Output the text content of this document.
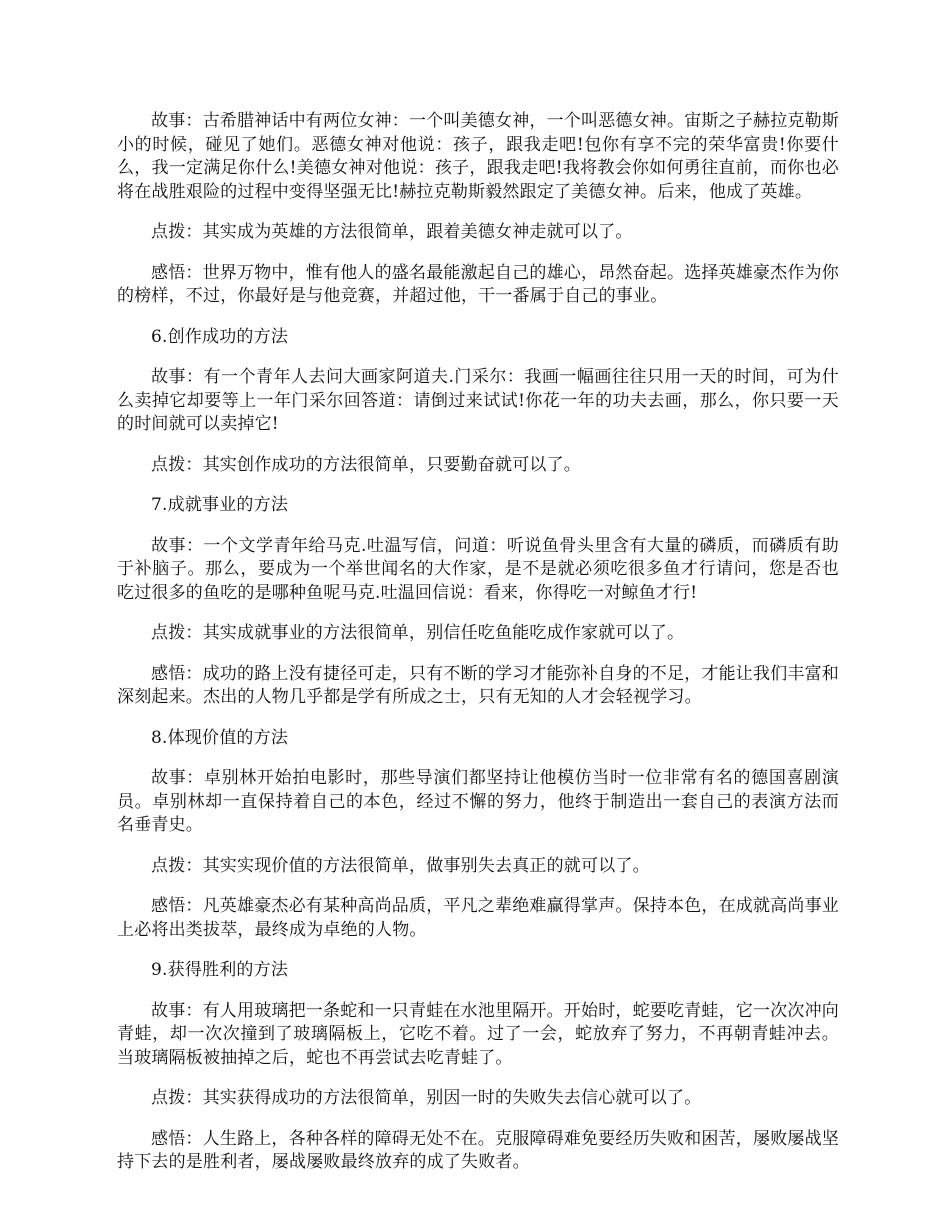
故事：古希腊神话中有两位女神：一个叫美德女神，一个叫恶德女神。宙斯之子赫拉克勒斯小的时候，碰见了她们。恶德女神对他说：孩子，跟我走吧!包你有享不完的荣华富贵!你要什么，我一定满足你什么!美德女神对他说：孩子，跟我走吧!我将教会你如何勇往直前，而你也必将在战胜艰险的过程中变得坚强无比!赫拉克勒斯毅然跟定了美德女神。后来，他成了英雄。

点拨：其实成为英雄的方法很简单，跟着美德女神走就可以了。

感悟：世界万物中，惟有他人的盛名最能激起自己的雄心，昂然奋起。选择英雄豪杰作为你的榜样，不过，你最好是与他竞赛，并超过他，干一番属于自己的事业。

6.创作成功的方法

故事：有一个青年人去问大画家阿道夫.门采尔：我画一幅画往往只用一天的时间，可为什么卖掉它却要等上一年门采尔回答道：请倒过来试试!你花一年的功夫去画，那么，你只要一天的时间就可以卖掉它!

点拨：其实创作成功的方法很简单，只要勤奋就可以了。

7.成就事业的方法

故事：一个文学青年给马克.吐温写信，问道：听说鱼骨头里含有大量的磷质，而磷质有助于补脑子。那么，要成为一个举世闻名的大作家，是不是就必须吃很多鱼才行请问，您是否也吃过很多的鱼吃的是哪种鱼呢马克.吐温回信说：看来，你得吃一对鲸鱼才行!

点拨：其实成就事业的方法很简单，别信任吃鱼能吃成作家就可以了。

感悟：成功的路上没有捷径可走，只有不断的学习才能弥补自身的不足，才能让我们丰富和深刻起来。杰出的人物几乎都是学有所成之士，只有无知的人才会轻视学习。

8.体现价值的方法

故事：卓别林开始拍电影时，那些导演们都坚持让他模仿当时一位非常有名的德国喜剧演员。卓别林却一直保持着自己的本色，经过不懈的努力，他终于制造出一套自己的表演方法而名垂青史。

点拨：其实实现价值的方法很简单，做事别失去真正的就可以了。

感悟：凡英雄豪杰必有某种高尚品质，平凡之辈绝难赢得掌声。保持本色，在成就高尚事业上必将出类拔萃，最终成为卓绝的人物。

9.获得胜利的方法

故事：有人用玻璃把一条蛇和一只青蛙在水池里隔开。开始时，蛇要吃青蛙，它一次次冲向青蛙，却一次次撞到了玻璃隔板上，它吃不着。过了一会，蛇放弃了努力，不再朝青蛙冲去。当玻璃隔板被抽掉之后，蛇也不再尝试去吃青蛙了。

点拨：其实获得成功的方法很简单，别因一时的失败失去信心就可以了。

感悟：人生路上，各种各样的障碍无处不在。克服障碍难免要经历失败和困苦，屡败屡战坚持下去的是胜利者，屡战屡败最终放弃的成了失败者。
